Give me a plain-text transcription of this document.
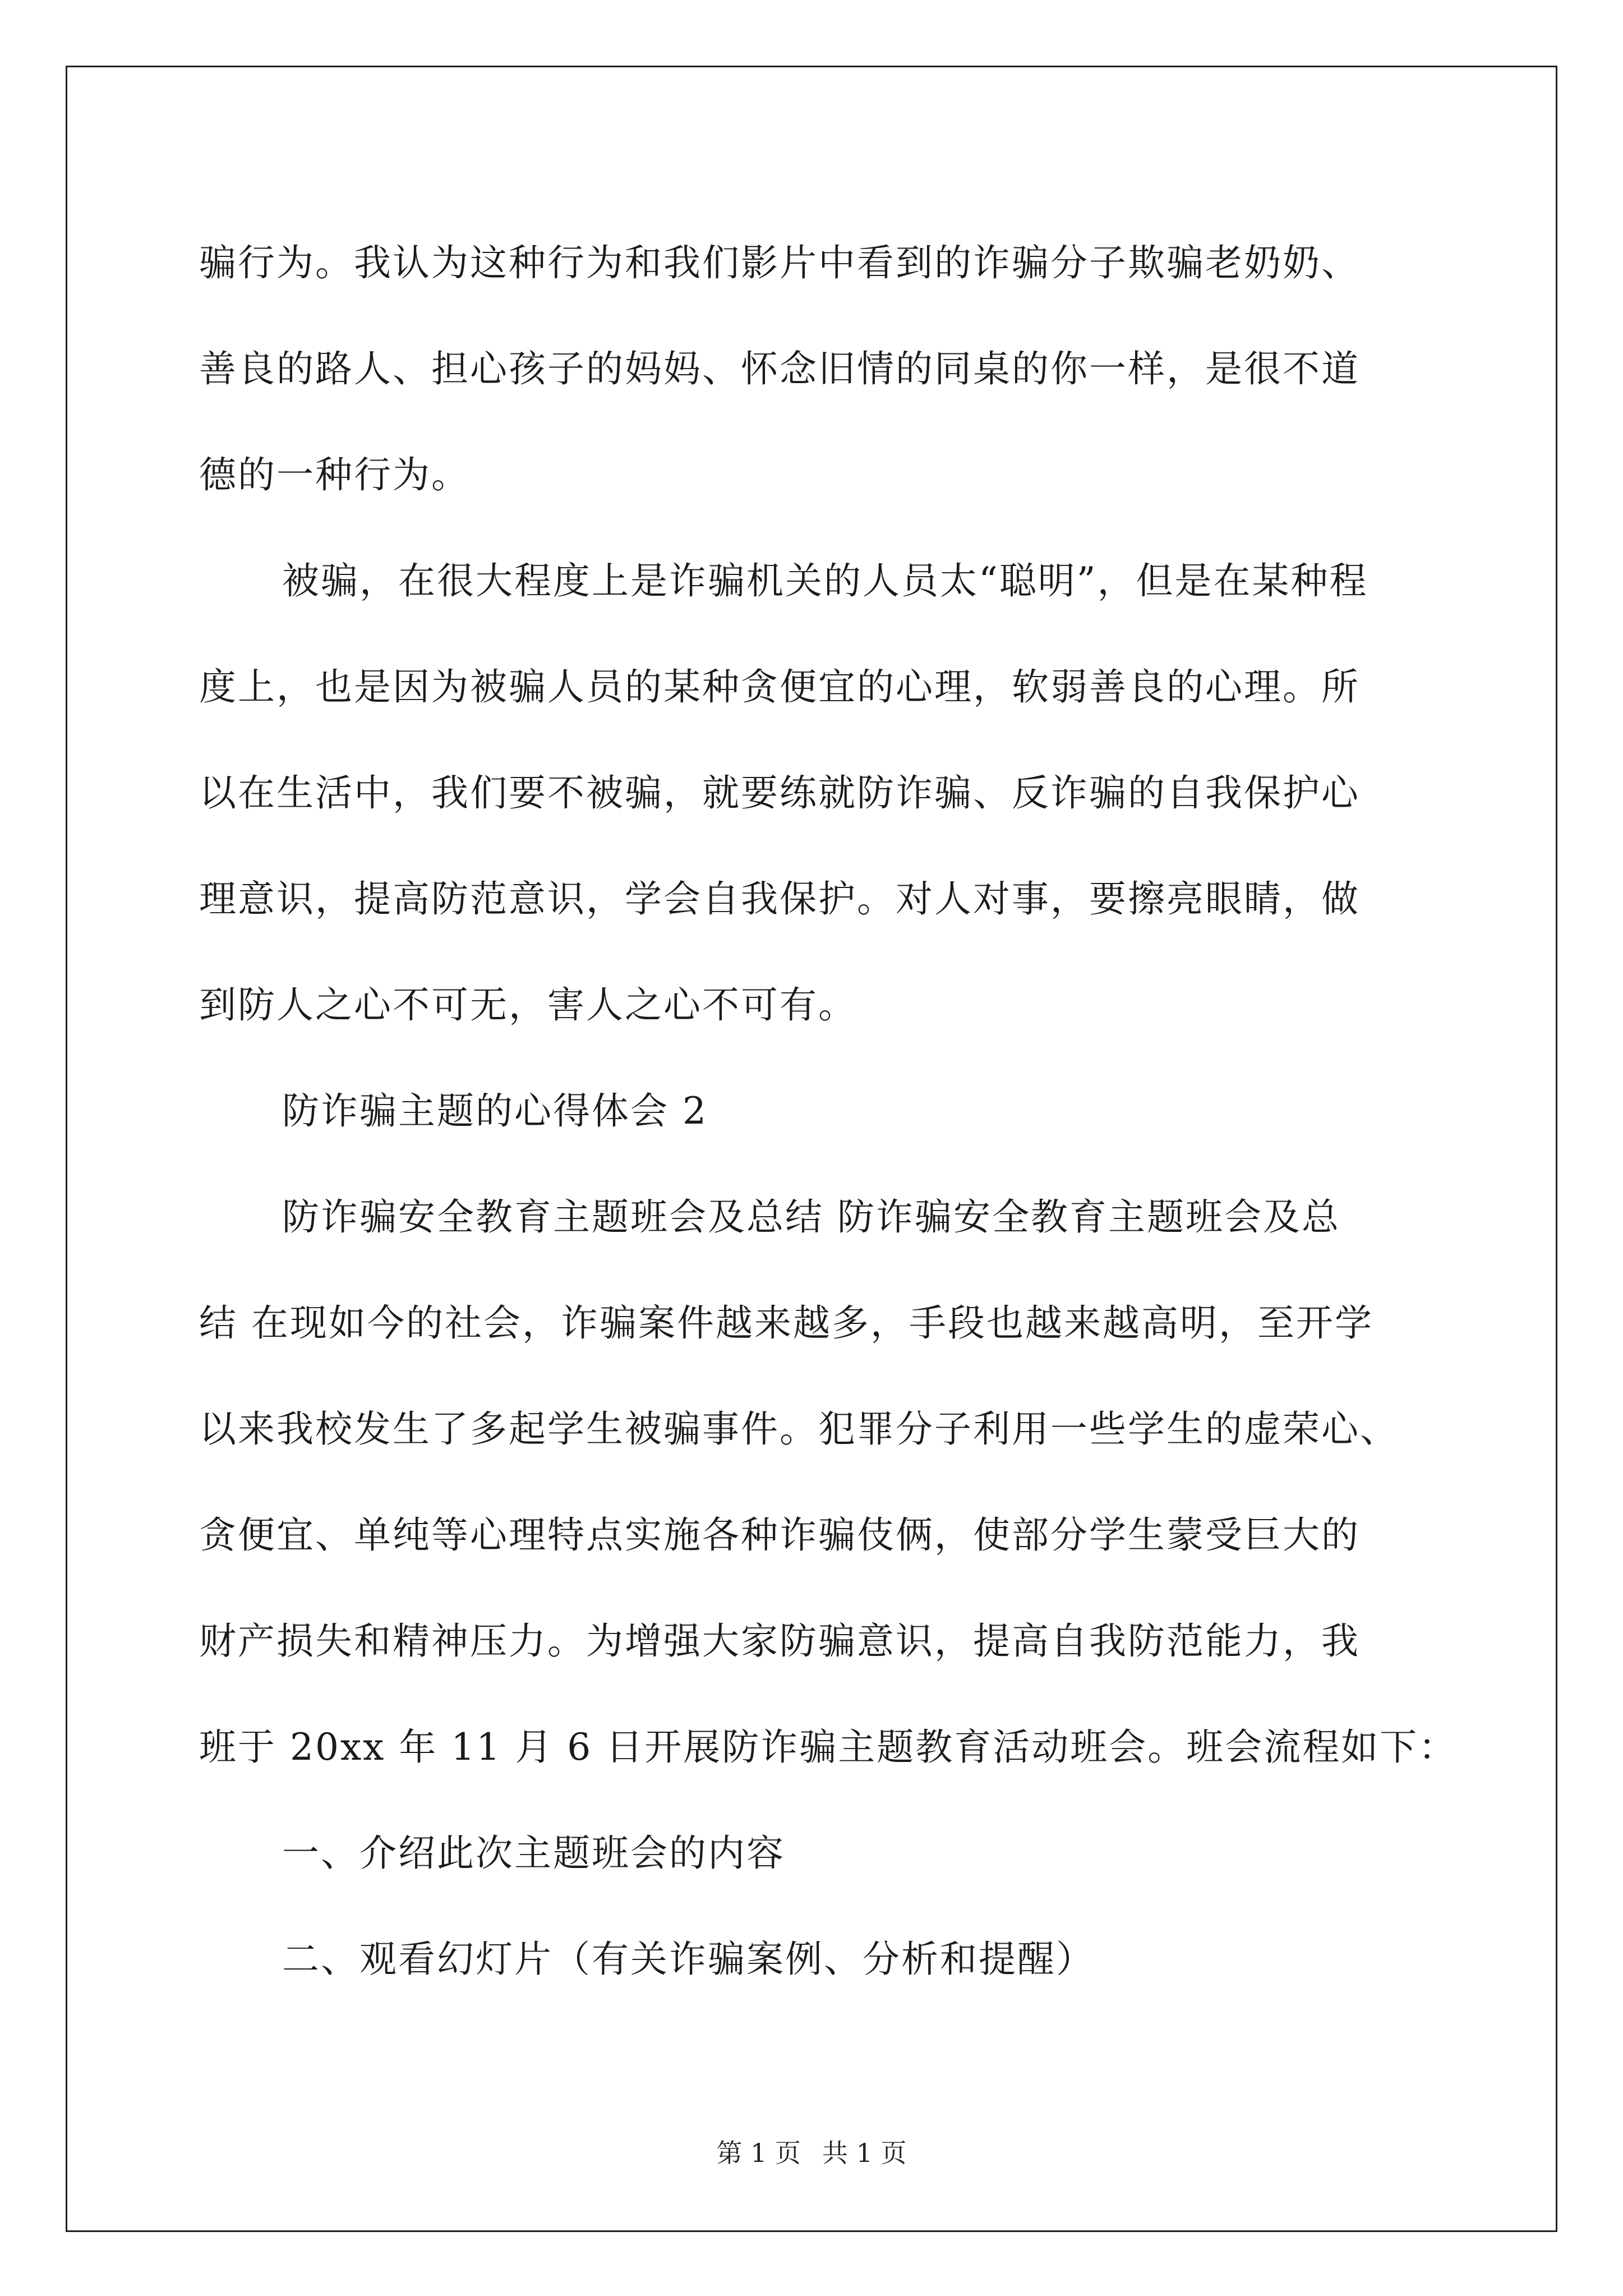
骗行为。我认为这种行为和我们影片中看到的诈骗分子欺骗老奶奶、
善良的路人、担心孩子的妈妈、怀念旧情的同桌的你一样，是很不道
德的一种行为。
被骗，在很大程度上是诈骗机关的人员太“聪明”，但是在某种程
度上，也是因为被骗人员的某种贪便宜的心理，软弱善良的心理。所
以在生活中，我们要不被骗，就要练就防诈骗、反诈骗的自我保护心
理意识，提高防范意识，学会自我保护。对人对事，要擦亮眼睛，做
到防人之心不可无，害人之心不可有。
防诈骗主题的心得体会 2
防诈骗安全教育主题班会及总结 防诈骗安全教育主题班会及总
结 在现如今的社会，诈骗案件越来越多，手段也越来越高明，至开学
以来我校发生了多起学生被骗事件。犯罪分子利用一些学生的虚荣心、
贪便宜、单纯等心理特点实施各种诈骗伎俩，使部分学生蒙受巨大的
财产损失和精神压力。为增强大家防骗意识，提高自我防范能力，我
班于 20xx 年 11 月 6 日开展防诈骗主题教育活动班会。班会流程如下：
一、介绍此次主题班会的内容
二、观看幻灯片（有关诈骗案例、分析和提醒）
第 1 页 共 1 页
